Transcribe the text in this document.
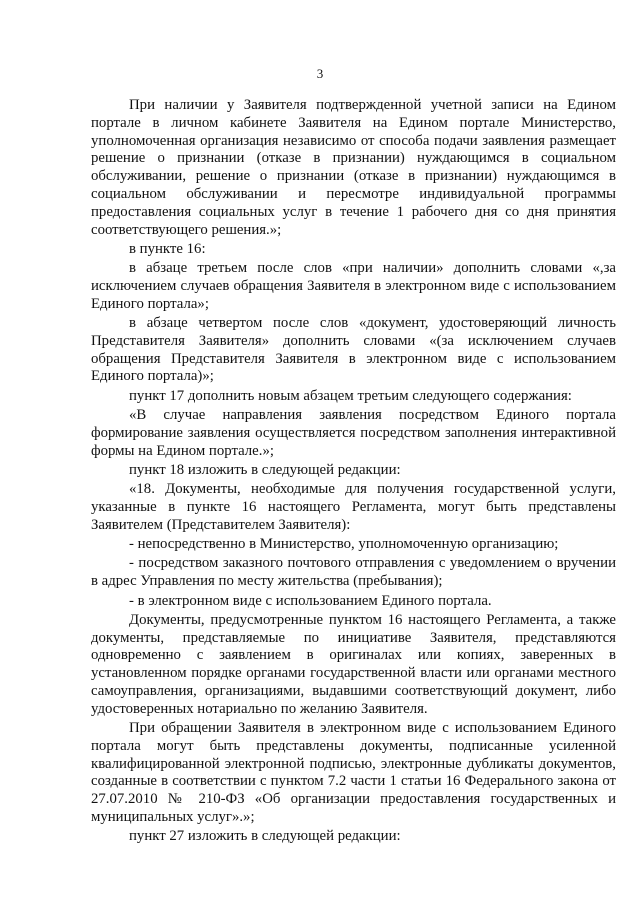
3

При наличии у Заявителя подтвержденной учетной записи на Едином портале в личном кабинете Заявителя на Едином портале Министерство, уполномоченная организация независимо от способа подачи заявления размещает решение о признании (отказе в признании) нуждающимся в социальном обслуживании, решение о признании (отказе в признании) нуждающимся в социальном обслуживании и пересмотре индивидуальной программы предоставления социальных услуг в течение 1 рабочего дня со дня принятия соответствующего решения.»;

в пункте 16:

в абзаце третьем после слов «при наличии» дополнить словами «,за исключением случаев обращения Заявителя в электронном виде с использованием Единого портала»;

в абзаце четвертом после слов «документ, удостоверяющий личность Представителя Заявителя» дополнить словами «(за исключением случаев обращения Представителя Заявителя в электронном виде с использованием Единого портала)»;

пункт 17 дополнить новым абзацем третьим следующего содержания:

«В случае направления заявления посредством Единого портала формирование заявления осуществляется посредством заполнения интерактивной формы на Едином портале.»;

пункт 18 изложить в следующей редакции:

«18. Документы, необходимые для получения государственной услуги, указанные в пункте 16 настоящего Регламента, могут быть представлены Заявителем (Представителем Заявителя):

- непосредственно в Министерство, уполномоченную организацию;

- посредством заказного почтового отправления с уведомлением о вручении в адрес Управления по месту жительства (пребывания);

- в электронном виде с использованием Единого портала.

Документы, предусмотренные пунктом 16 настоящего Регламента, а также документы, представляемые по инициативе Заявителя, представляются одновременно с заявлением в оригиналах или копиях, заверенных в установленном порядке органами государственной власти или органами местного самоуправления, организациями, выдавшими соответствующий документ, либо удостоверенных нотариально по желанию Заявителя.

При обращении Заявителя в электронном виде с использованием Единого портала могут быть представлены документы, подписанные усиленной квалифицированной электронной подписью, электронные дубликаты документов, созданные в соответствии с пунктом 7.2 части 1 статьи 16 Федерального закона от 27.07.2010 № 210-ФЗ «Об организации предоставления государственных и муниципальных услуг».»;

пункт 27 изложить в следующей редакции:
